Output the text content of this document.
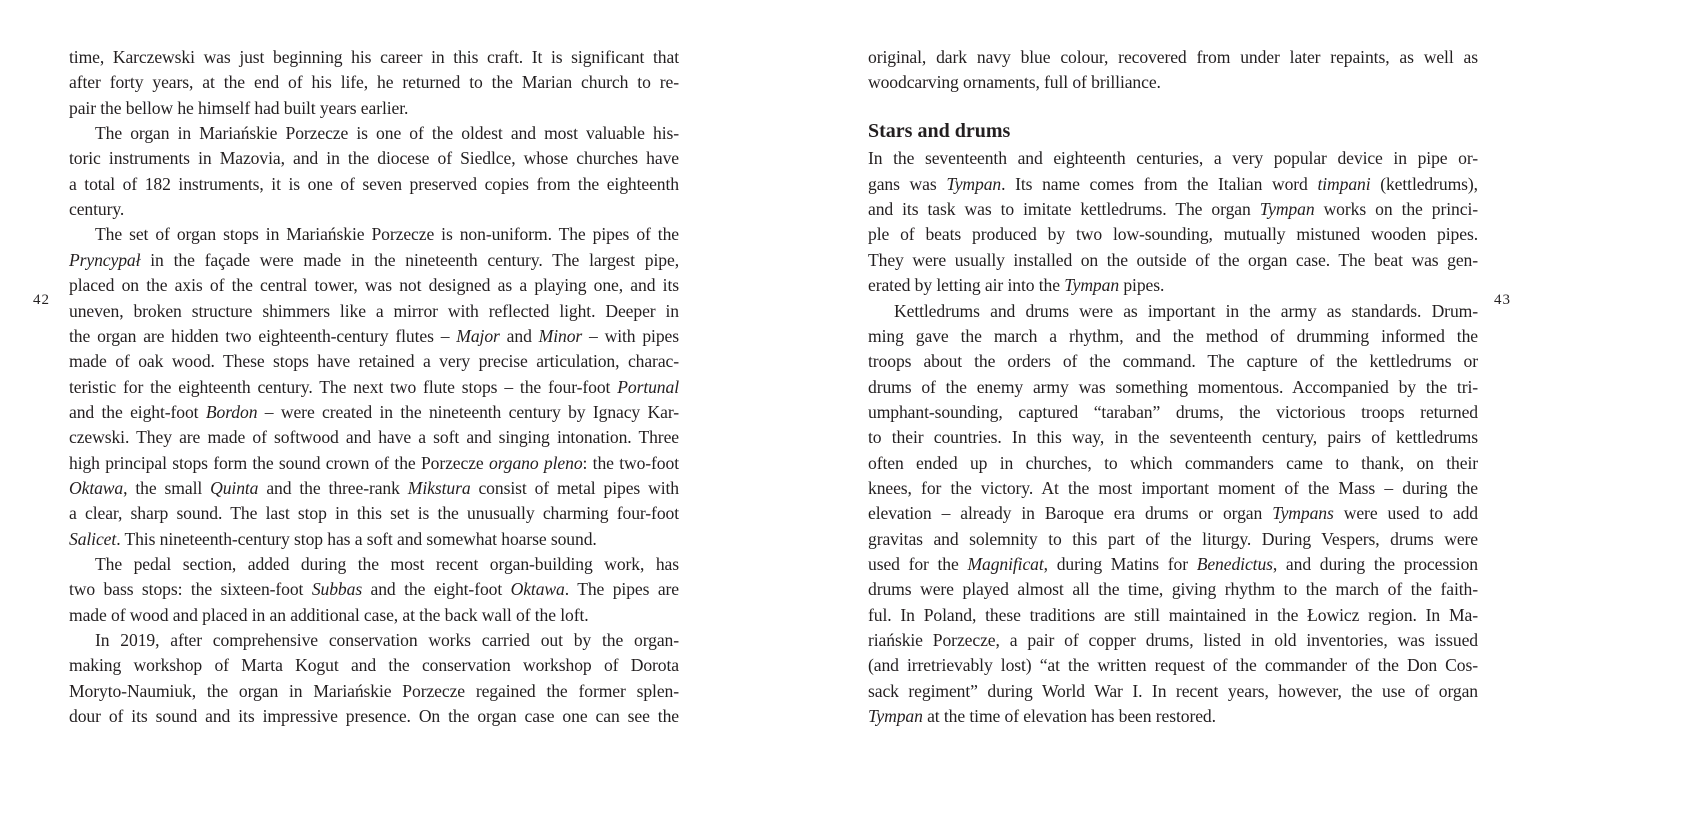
42
time, Karczewski was just beginning his career in this craft. It is significant that
after forty years, at the end of his life, he returned to the Marian church to re-
pair the bellow he himself had built years earlier.
The organ in Mariańskie Porzecze is one of the oldest and most valuable his-
toric instruments in Mazovia, and in the diocese of Siedlce, whose churches have
a total of 182 instruments, it is one of seven preserved copies from the eighteenth
century.
The set of organ stops in Mariańskie Porzecze is non-uniform. The pipes of the
Pryncypał in the façade were made in the nineteenth century. The largest pipe,
placed on the axis of the central tower, was not designed as a playing one, and its
uneven, broken structure shimmers like a mirror with reflected light. Deeper in
the organ are hidden two eighteenth-century flutes – Major and Minor – with pipes
made of oak wood. These stops have retained a very precise articulation, charac-
teristic for the eighteenth century. The next two flute stops – the four-foot Portunal
and the eight-foot Bordon – were created in the nineteenth century by Ignacy Kar-
czewski. They are made of softwood and have a soft and singing intonation. Three
high principal stops form the sound crown of the Porzecze organo pleno: the two-foot
Oktawa, the small Quinta and the three-rank Mikstura consist of metal pipes with
a clear, sharp sound. The last stop in this set is the unusually charming four-foot
Salicet. This nineteenth-century stop has a soft and somewhat hoarse sound.
The pedal section, added during the most recent organ-building work, has
two bass stops: the sixteen-foot Subbas and the eight-foot Oktawa. The pipes are
made of wood and placed in an additional case, at the back wall of the loft.
In 2019, after comprehensive conservation works carried out by the organ-
making workshop of Marta Kogut and the conservation workshop of Dorota
Moryto-Naumiuk, the organ in Mariańskie Porzecze regained the former splen-
dour of its sound and its impressive presence. On the organ case one can see the
Stars and drums
original, dark navy blue colour, recovered from under later repaints, as well as
woodcarving ornaments, full of brilliance.
In the seventeenth and eighteenth centuries, a very popular device in pipe or-
gans was Tympan. Its name comes from the Italian word timpani (kettledrums),
and its task was to imitate kettledrums. The organ Tympan works on the princi-
ple of beats produced by two low-sounding, mutually mistuned wooden pipes.
They were usually installed on the outside of the organ case. The beat was gen-
erated by letting air into the Tympan pipes.
Kettledrums and drums were as important in the army as standards. Drum-
ming gave the march a rhythm, and the method of drumming informed the
troops about the orders of the command. The capture of the kettledrums or
drums of the enemy army was something momentous. Accompanied by the tri-
umphant-sounding, captured “taraban” drums, the victorious troops returned
to their countries. In this way, in the seventeenth century, pairs of kettledrums
often ended up in churches, to which commanders came to thank, on their
knees, for the victory. At the most important moment of the Mass – during the
elevation – already in Baroque era drums or organ Tympans were used to add
gravitas and solemnity to this part of the liturgy. During Vespers, drums were
used for the Magnificat, during Matins for Benedictus, and during the procession
drums were played almost all the time, giving rhythm to the march of the faith-
ful. In Poland, these traditions are still maintained in the Łowicz region. In Ma-
riańskie Porzecze, a pair of copper drums, listed in old inventories, was issued
(and irretrievably lost) “at the written request of the commander of the Don Cos-
sack regiment” during World War I. In recent years, however, the use of organ
Tympan at the time of elevation has been restored.
43
